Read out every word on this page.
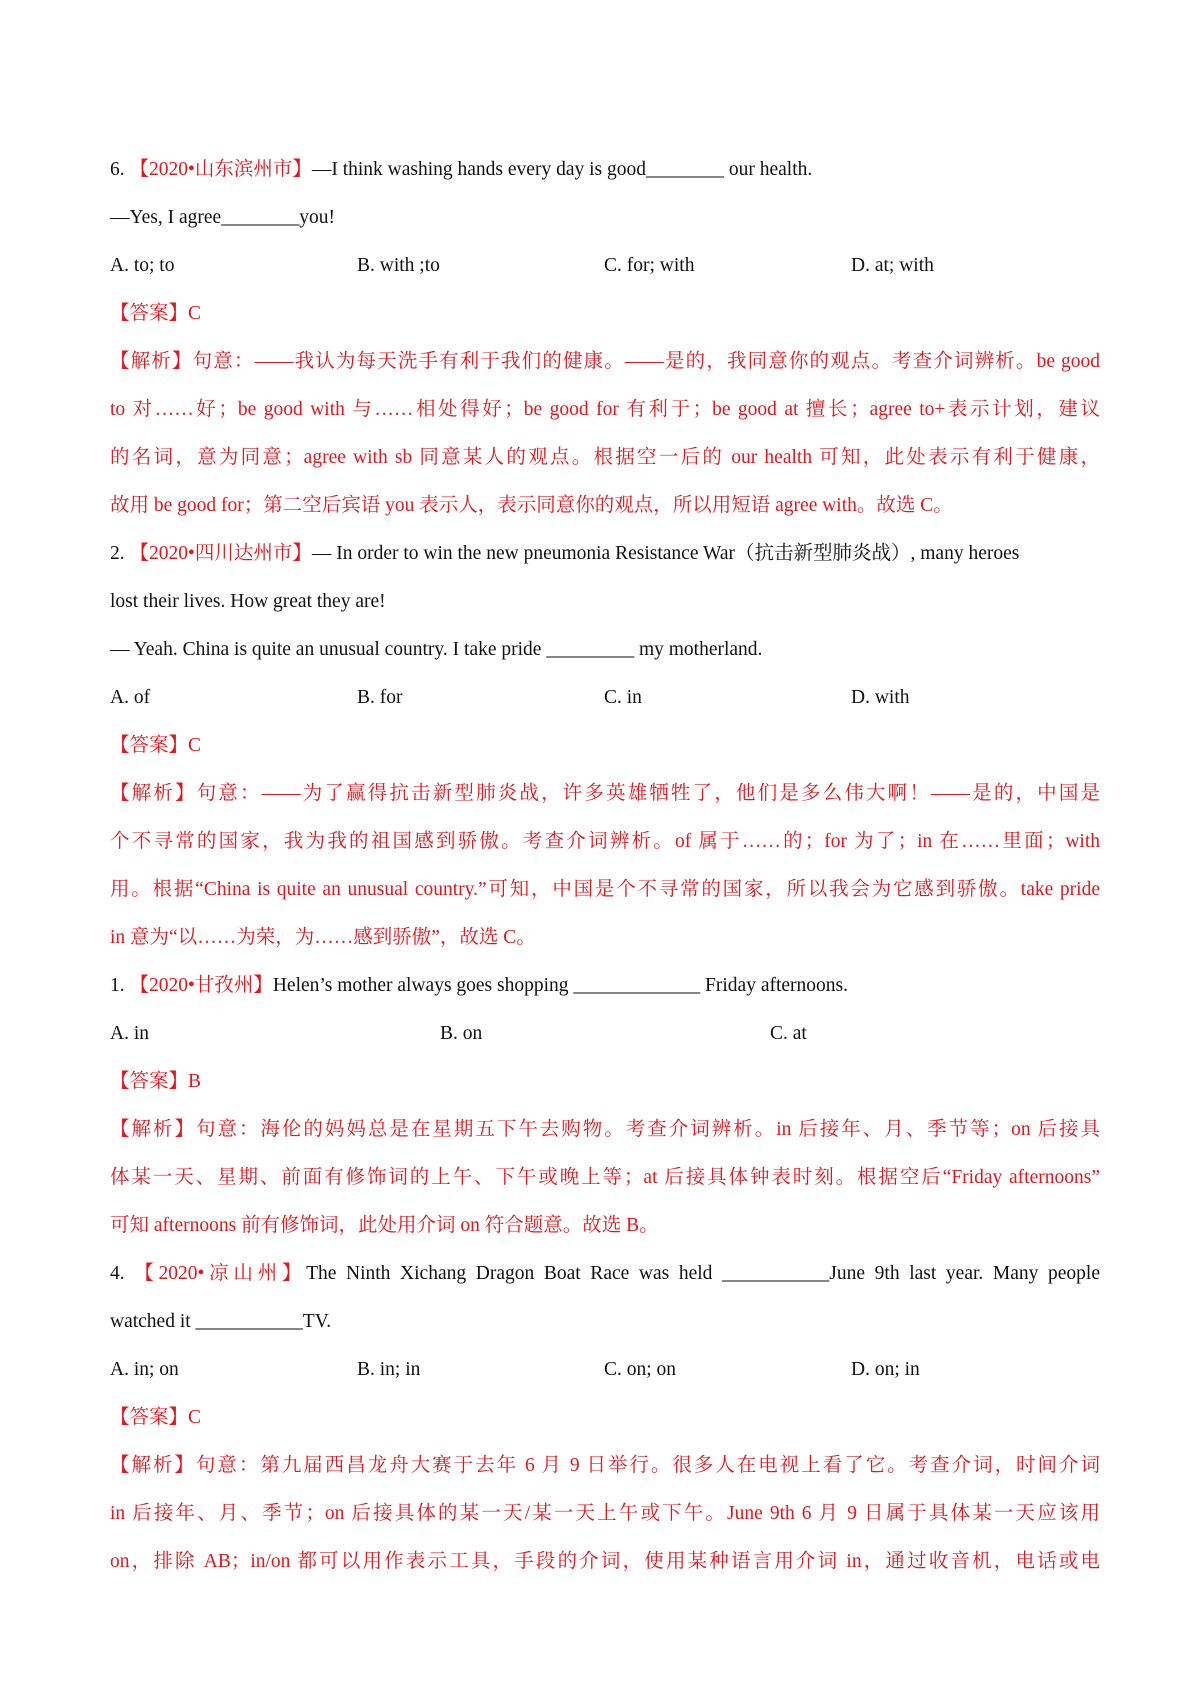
6. 【2020•山东滨州市】—I think washing hands every day is good________ our health.
—Yes, I agree________you!
A. to; to	B. with ;to	C. for; with	D. at; with
【答案】C
【解析】句意：——我认为每天洗手有利于我们的健康。——是的，我同意你的观点。考查介词辨析。be good
to 对……好；be good with 与……相处得好；be good for 有利于；be good at 擅长；agree to+表示计划，建议
的名词，意为同意；agree with sb 同意某人的观点。根据空一后的 our health 可知，此处表示有利于健康，
故用 be good for；第二空后宾语 you 表示人，表示同意你的观点，所以用短语 agree with。故选 C。
2. 【2020•四川达州市】— In order to win the new pneumonia Resistance War（抗击新型肺炎战）, many heroes
lost their lives. How great they are!
— Yeah. China is quite an unusual country. I take pride _________ my motherland.
A. of	B. for	C. in	D. with
【答案】C
【解析】句意：——为了赢得抗击新型肺炎战，许多英雄牺牲了，他们是多么伟大啊！——是的，中国是
个不寻常的国家，我为我的祖国感到骄傲。考查介词辨析。of 属于……的；for 为了；in 在……里面；with
用。根据“China is quite an unusual country.”可知，中国是个不寻常的国家，所以我会为它感到骄傲。take pride
in 意为“以……为荣，为……感到骄傲”，故选 C。
1. 【2020•甘孜州】Helen’s mother always goes shopping _____________ Friday afternoons.
A. in	B. on	C. at
【答案】B
【解析】句意：海伦的妈妈总是在星期五下午去购物。考查介词辨析。in 后接年、月、季节等；on 后接具
体某一天、星期、前面有修饰词的上午、下午或晚上等；at 后接具体钟表时刻。根据空后“Friday afternoons”
可知 afternoons 前有修饰词，此处用介词 on 符合题意。故选 B。
4. 【2020•凉山州】The Ninth Xichang Dragon Boat Race was held ___________June 9th last year. Many people
watched it ___________TV.
A. in; on	B. in; in	C. on; on	D. on; in
【答案】C
【解析】句意：第九届西昌龙舟大赛于去年 6 月 9 日举行。很多人在电视上看了它。考查介词，时间介词
in 后接年、月、季节；on 后接具体的某一天/某一天上午或下午。June 9th 6 月 9 日属于具体某一天应该用
on，排除 AB；in/on 都可以用作表示工具，手段的介词，使用某种语言用介词 in，通过收音机，电话或电
